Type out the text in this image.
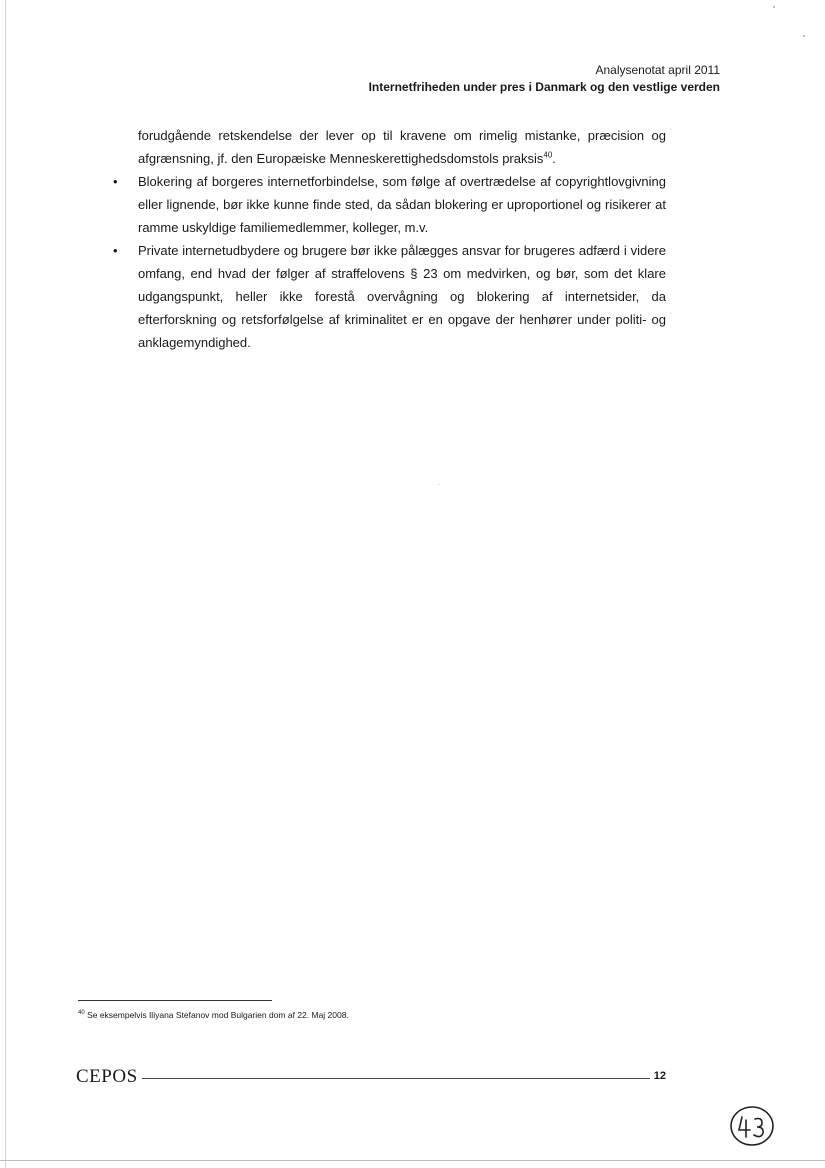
Analysenotat april 2011
Internetfriheden under pres i Danmark og den vestlige verden

forudgående retskendelse der lever op til kravene om rimelig mistanke, præcision og afgrænsning, jf. den Europæiske Menneskerettighedsdomstols praksis$^{40}$.

• Blokering af borgeres internetforbindelse, som følge af overtrædelse af copyrightlovgivning eller lignende, bør ikke kunne finde sted, da sådan blokering er uproportionel og risikerer at ramme uskyldige familiemedlemmer, kolleger, m.v.
• Private internetudbydere og brugere bør ikke pålægges ansvar for brugeres adfærd i videre omfang, end hvad der følger af straffelovens § 23 om medvirken, og bør, som det klare udgangspunkt, heller ikke forestå overvågning og blokering af internetsider, da efterforskning og retsforfølgelse af kriminalitet er en opgave der henhører under politi- og anklagemyndighed.
$^{40}$ Se eksempelvis Iliyana Stefanov mod Bulgarien dom af 22. Maj 2008.
CEPOS	12
